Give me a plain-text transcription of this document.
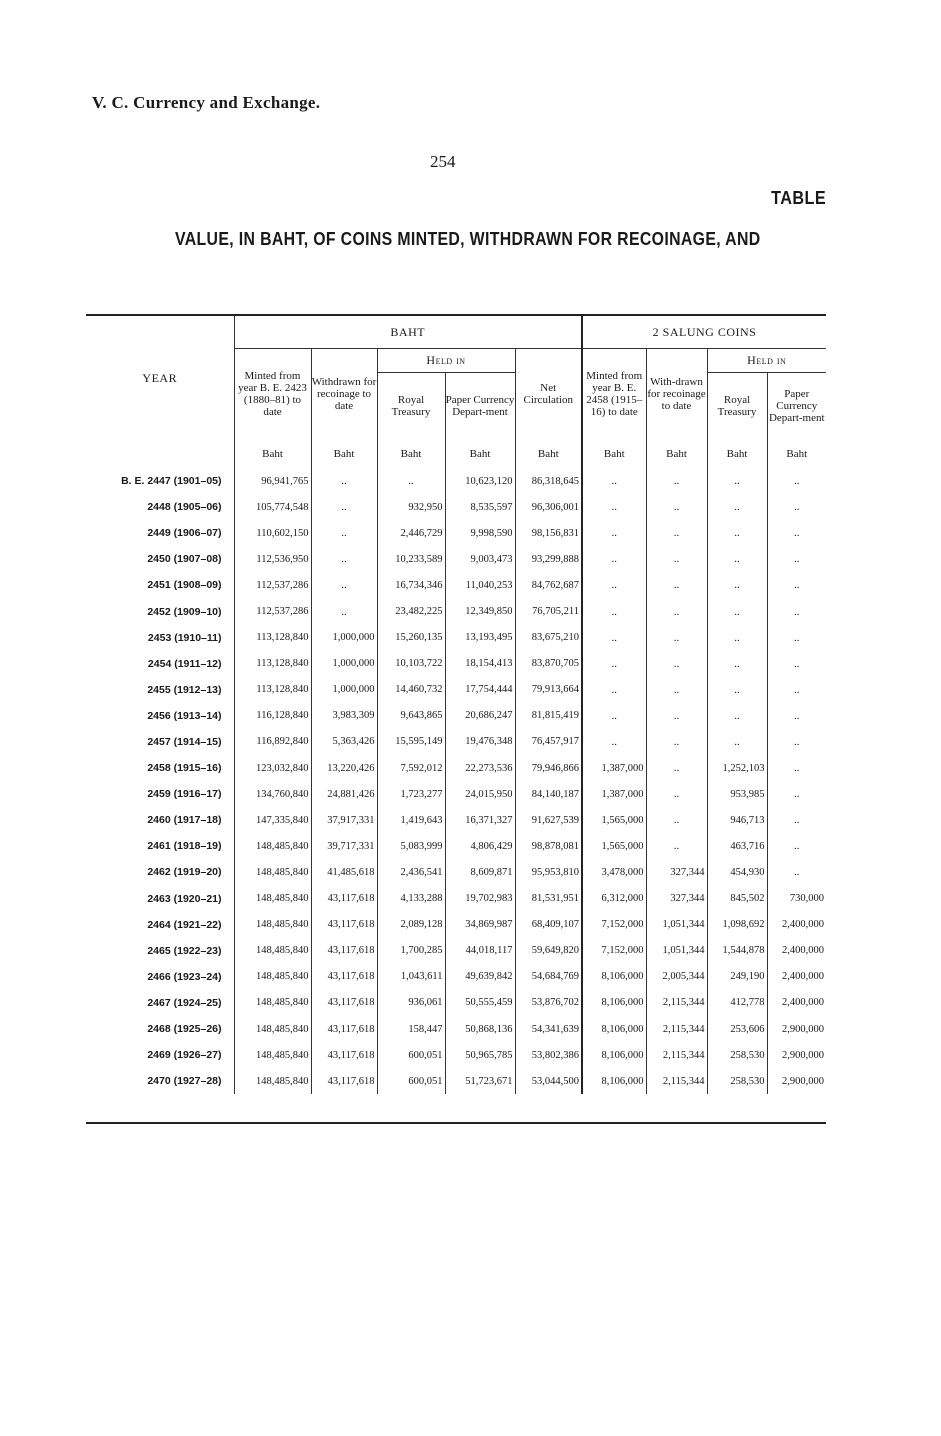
V. C. Currency and Exchange.
254
TABLE
VALUE, IN BAHT, OF COINS MINTED, WITHDRAWN FOR RECOINAGE, AND
YEAR	BAHT					2 SALUNG COINS			
	Minted from year B. E. 2423 (1880–81) to date	Withdrawn for recoinage to date	Held in		Net Circulation	Minted from year B. E. 2458 (1915–16) to date	With-drawn for recoinage to date	Held in	
			Royal Treasury	Paper Currency Depart-ment				Royal Treasury	Paper Currency Depart-ment
	Baht	Baht	Baht	Baht	Baht	Baht	Baht	Baht	Baht
B. E. 2447 (1901–05)	96,941,765	..	..	10,623,120	86,318,645	..	..	..	..
2448 (1905–06)	105,774,548	..	932,950	8,535,597	96,306,001	..	..	..	..
2449 (1906–07)	110,602,150	..	2,446,729	9,998,590	98,156,831	..	..	..	..
2450 (1907–08)	112,536,950	..	10,233,589	9,003,473	93,299,888	..	..	..	..
2451 (1908–09)	112,537,286	..	16,734,346	11,040,253	84,762,687	..	..	..	..
2452 (1909–10)	112,537,286	..	23,482,225	12,349,850	76,705,211	..	..	..	..
2453 (1910–11)	113,128,840	1,000,000	15,260,135	13,193,495	83,675,210	..	..	..	..
2454 (1911–12)	113,128,840	1,000,000	10,103,722	18,154,413	83,870,705	..	..	..	..
2455 (1912–13)	113,128,840	1,000,000	14,460,732	17,754,444	79,913,664	..	..	..	..
2456 (1913–14)	116,128,840	3,983,309	9,643,865	20,686,247	81,815,419	..	..	..	..
2457 (1914–15)	116,892,840	5,363,426	15,595,149	19,476,348	76,457,917	..	..	..	..
2458 (1915–16)	123,032,840	13,220,426	7,592,012	22,273,536	79,946,866	1,387,000	..	1,252,103	..
2459 (1916–17)	134,760,840	24,881,426	1,723,277	24,015,950	84,140,187	1,387,000	..	953,985	..
2460 (1917–18)	147,335,840	37,917,331	1,419,643	16,371,327	91,627,539	1,565,000	..	946,713	..
2461 (1918–19)	148,485,840	39,717,331	5,083,999	4,806,429	98,878,081	1,565,000	..	463,716	..
2462 (1919–20)	148,485,840	41,485,618	2,436,541	8,609,871	95,953,810	3,478,000	327,344	454,930	..
2463 (1920–21)	148,485,840	43,117,618	4,133,288	19,702,983	81,531,951	6,312,000	327,344	845,502	730,000
2464 (1921–22)	148,485,840	43,117,618	2,089,128	34,869,987	68,409,107	7,152,000	1,051,344	1,098,692	2,400,000
2465 (1922–23)	148,485,840	43,117,618	1,700,285	44,018,117	59,649,820	7,152,000	1,051,344	1,544,878	2,400,000
2466 (1923–24)	148,485,840	43,117,618	1,043,611	49,639,842	54,684,769	8,106,000	2,005,344	249,190	2,400,000
2467 (1924–25)	148,485,840	43,117,618	936,061	50,555,459	53,876,702	8,106,000	2,115,344	412,778	2,400,000
2468 (1925–26)	148,485,840	43,117,618	158,447	50,868,136	54,341,639	8,106,000	2,115,344	253,606	2,900,000
2469 (1926–27)	148,485,840	43,117,618	600,051	50,965,785	53,802,386	8,106,000	2,115,344	258,530	2,900,000
2470 (1927–28)	148,485,840	43,117,618	600,051	51,723,671	53,044,500	8,106,000	2,115,344	258,530	2,900,000
